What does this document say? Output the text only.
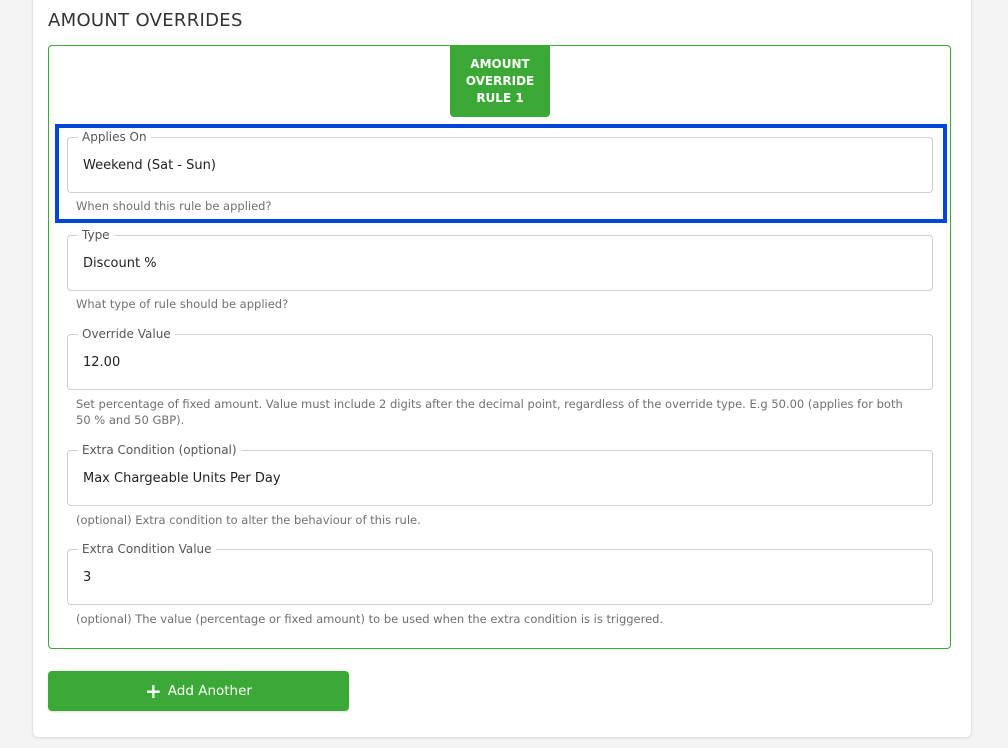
AMOUNT OVERRIDES
AMOUNT OVERRIDE RULE 1
Applies On
Weekend (Sat - Sun)
When should this rule be applied?
Type
Discount %
What type of rule should be applied?
Override Value
12.00
Set percentage of fixed amount. Value must include 2 digits after the decimal point, regardless of the override type. E.g 50.00 (applies for both 50 % and 50 GBP).
Extra Condition (optional)
Max Chargeable Units Per Day
(optional) Extra condition to alter the behaviour of this rule.
Extra Condition Value
3
(optional) The value (percentage or fixed amount) to be used when the extra condition is is triggered.
+ Add Another
